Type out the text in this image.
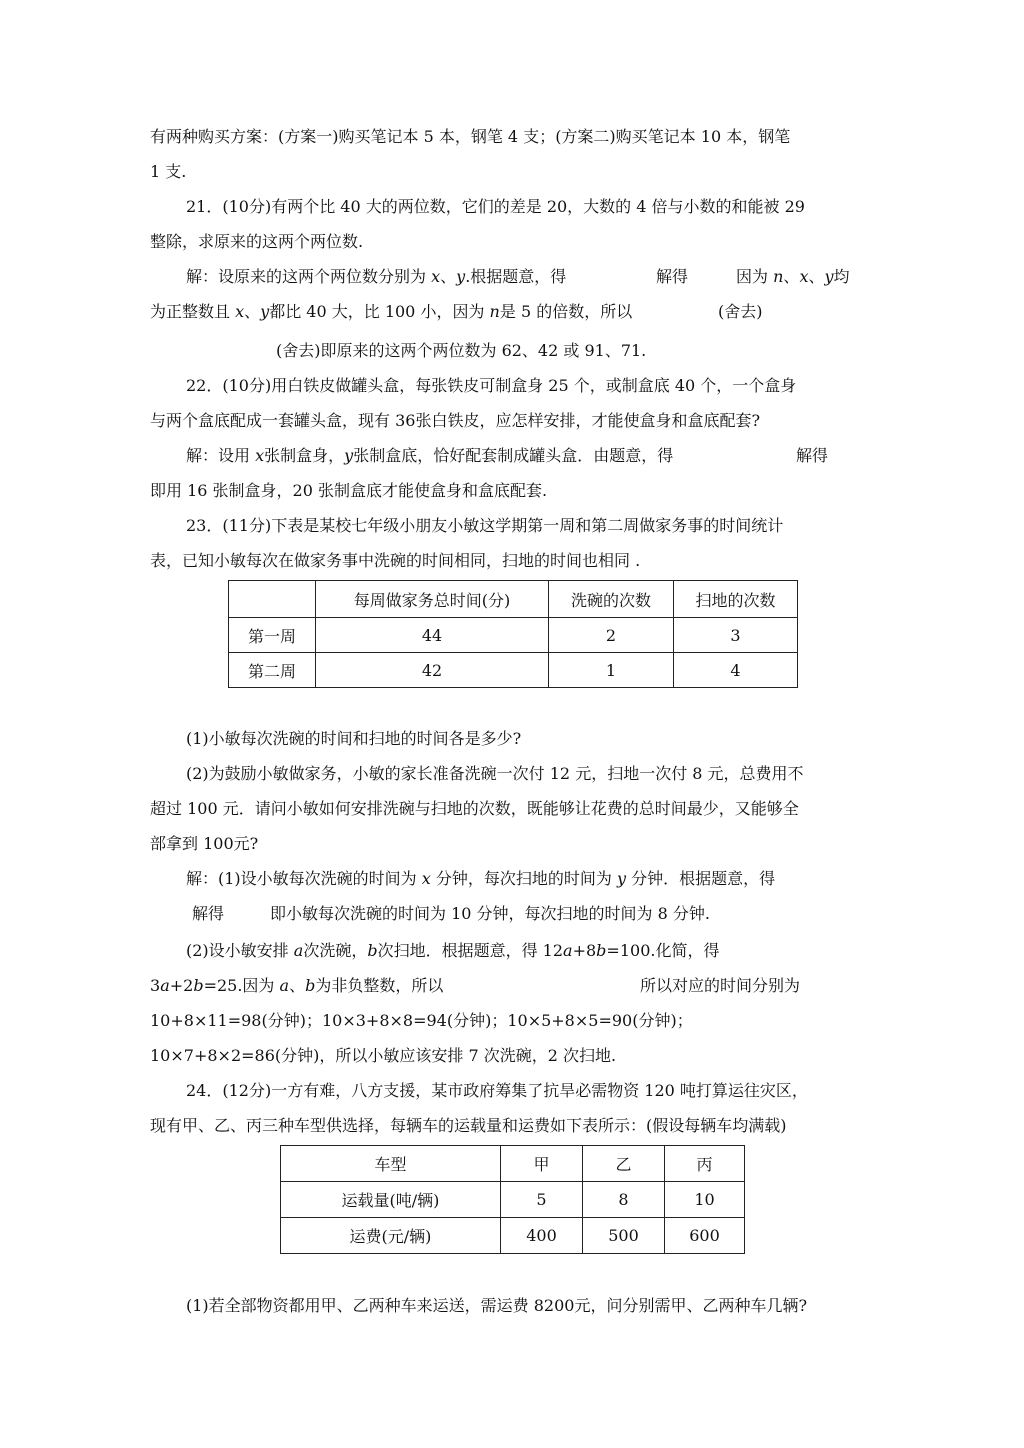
有两种购买方案：(方案一)购买笔记本 5 本，钢笔 4 支；(方案二)购买笔记本 10 本，钢笔
1 支.
21．(10分)有两个比 40 大的两位数，它们的差是 20，大数的 4 倍与小数的和能被 29
整除，求原来的这两个两位数.
解：设原来的这两个两位数分别为 x、y.根据题意，得	解得	因为 n、x、y均
为正整数且 x、y都比 40 大，比 100 小，因为 n是 5 的倍数，所以	(舍去)
(舍去)即原来的这两个两位数为 62、42 或 91、71.
22．(10分)用白铁皮做罐头盒，每张铁皮可制盒身 25 个，或制盒底 40 个，一个盒身
与两个盒底配成一套罐头盒，现有 36张白铁皮，应怎样安排，才能使盒身和盒底配套?
解：设用 x张制盒身，y张制盒底，恰好配套制成罐头盒．由题意，得	解得
即用 16 张制盒身，20 张制盒底才能使盒身和盒底配套.
23．(11分)下表是某校七年级小朋友小敏这学期第一周和第二周做家务事的时间统计
表，已知小敏每次在做家务事中洗碗的时间相同，扫地的时间也相同 .
	每周做家务总时间(分)	洗碗的次数	扫地的次数
第一周	44	2	3
第二周	42	1	4
(1)小敏每次洗碗的时间和扫地的时间各是多少?
(2)为鼓励小敏做家务，小敏的家长准备洗碗一次付 12 元，扫地一次付 8 元，总费用不
超过 100 元．请问小敏如何安排洗碗与扫地的次数，既能够让花费的总时间最少，又能够全
部拿到 100元?
解：(1)设小敏每次洗碗的时间为 x 分钟，每次扫地的时间为 y 分钟．根据题意，得
解得	即小敏每次洗碗的时间为 10 分钟，每次扫地的时间为 8 分钟.
(2)设小敏安排 a次洗碗，b次扫地．根据题意，得 12a+8b=100.化简，得
3a+2b=25.因为 a、b为非负整数，所以	所以对应的时间分别为
10+8×11=98(分钟)；10×3+8×8=94(分钟)；10×5+8×5=90(分钟)；
10×7+8×2=86(分钟)，所以小敏应该安排 7 次洗碗，2 次扫地.
24．(12分)一方有难，八方支援，某市政府筹集了抗旱必需物资 120 吨打算运往灾区，
现有甲、乙、丙三种车型供选择，每辆车的运载量和运费如下表所示：(假设每辆车均满载)
车型	甲	乙	丙
运载量(吨/辆)	5	8	10
运费(元/辆)	400	500	600
(1)若全部物资都用甲、乙两种车来运送，需运费 8200元，问分别需甲、乙两种车几辆?
